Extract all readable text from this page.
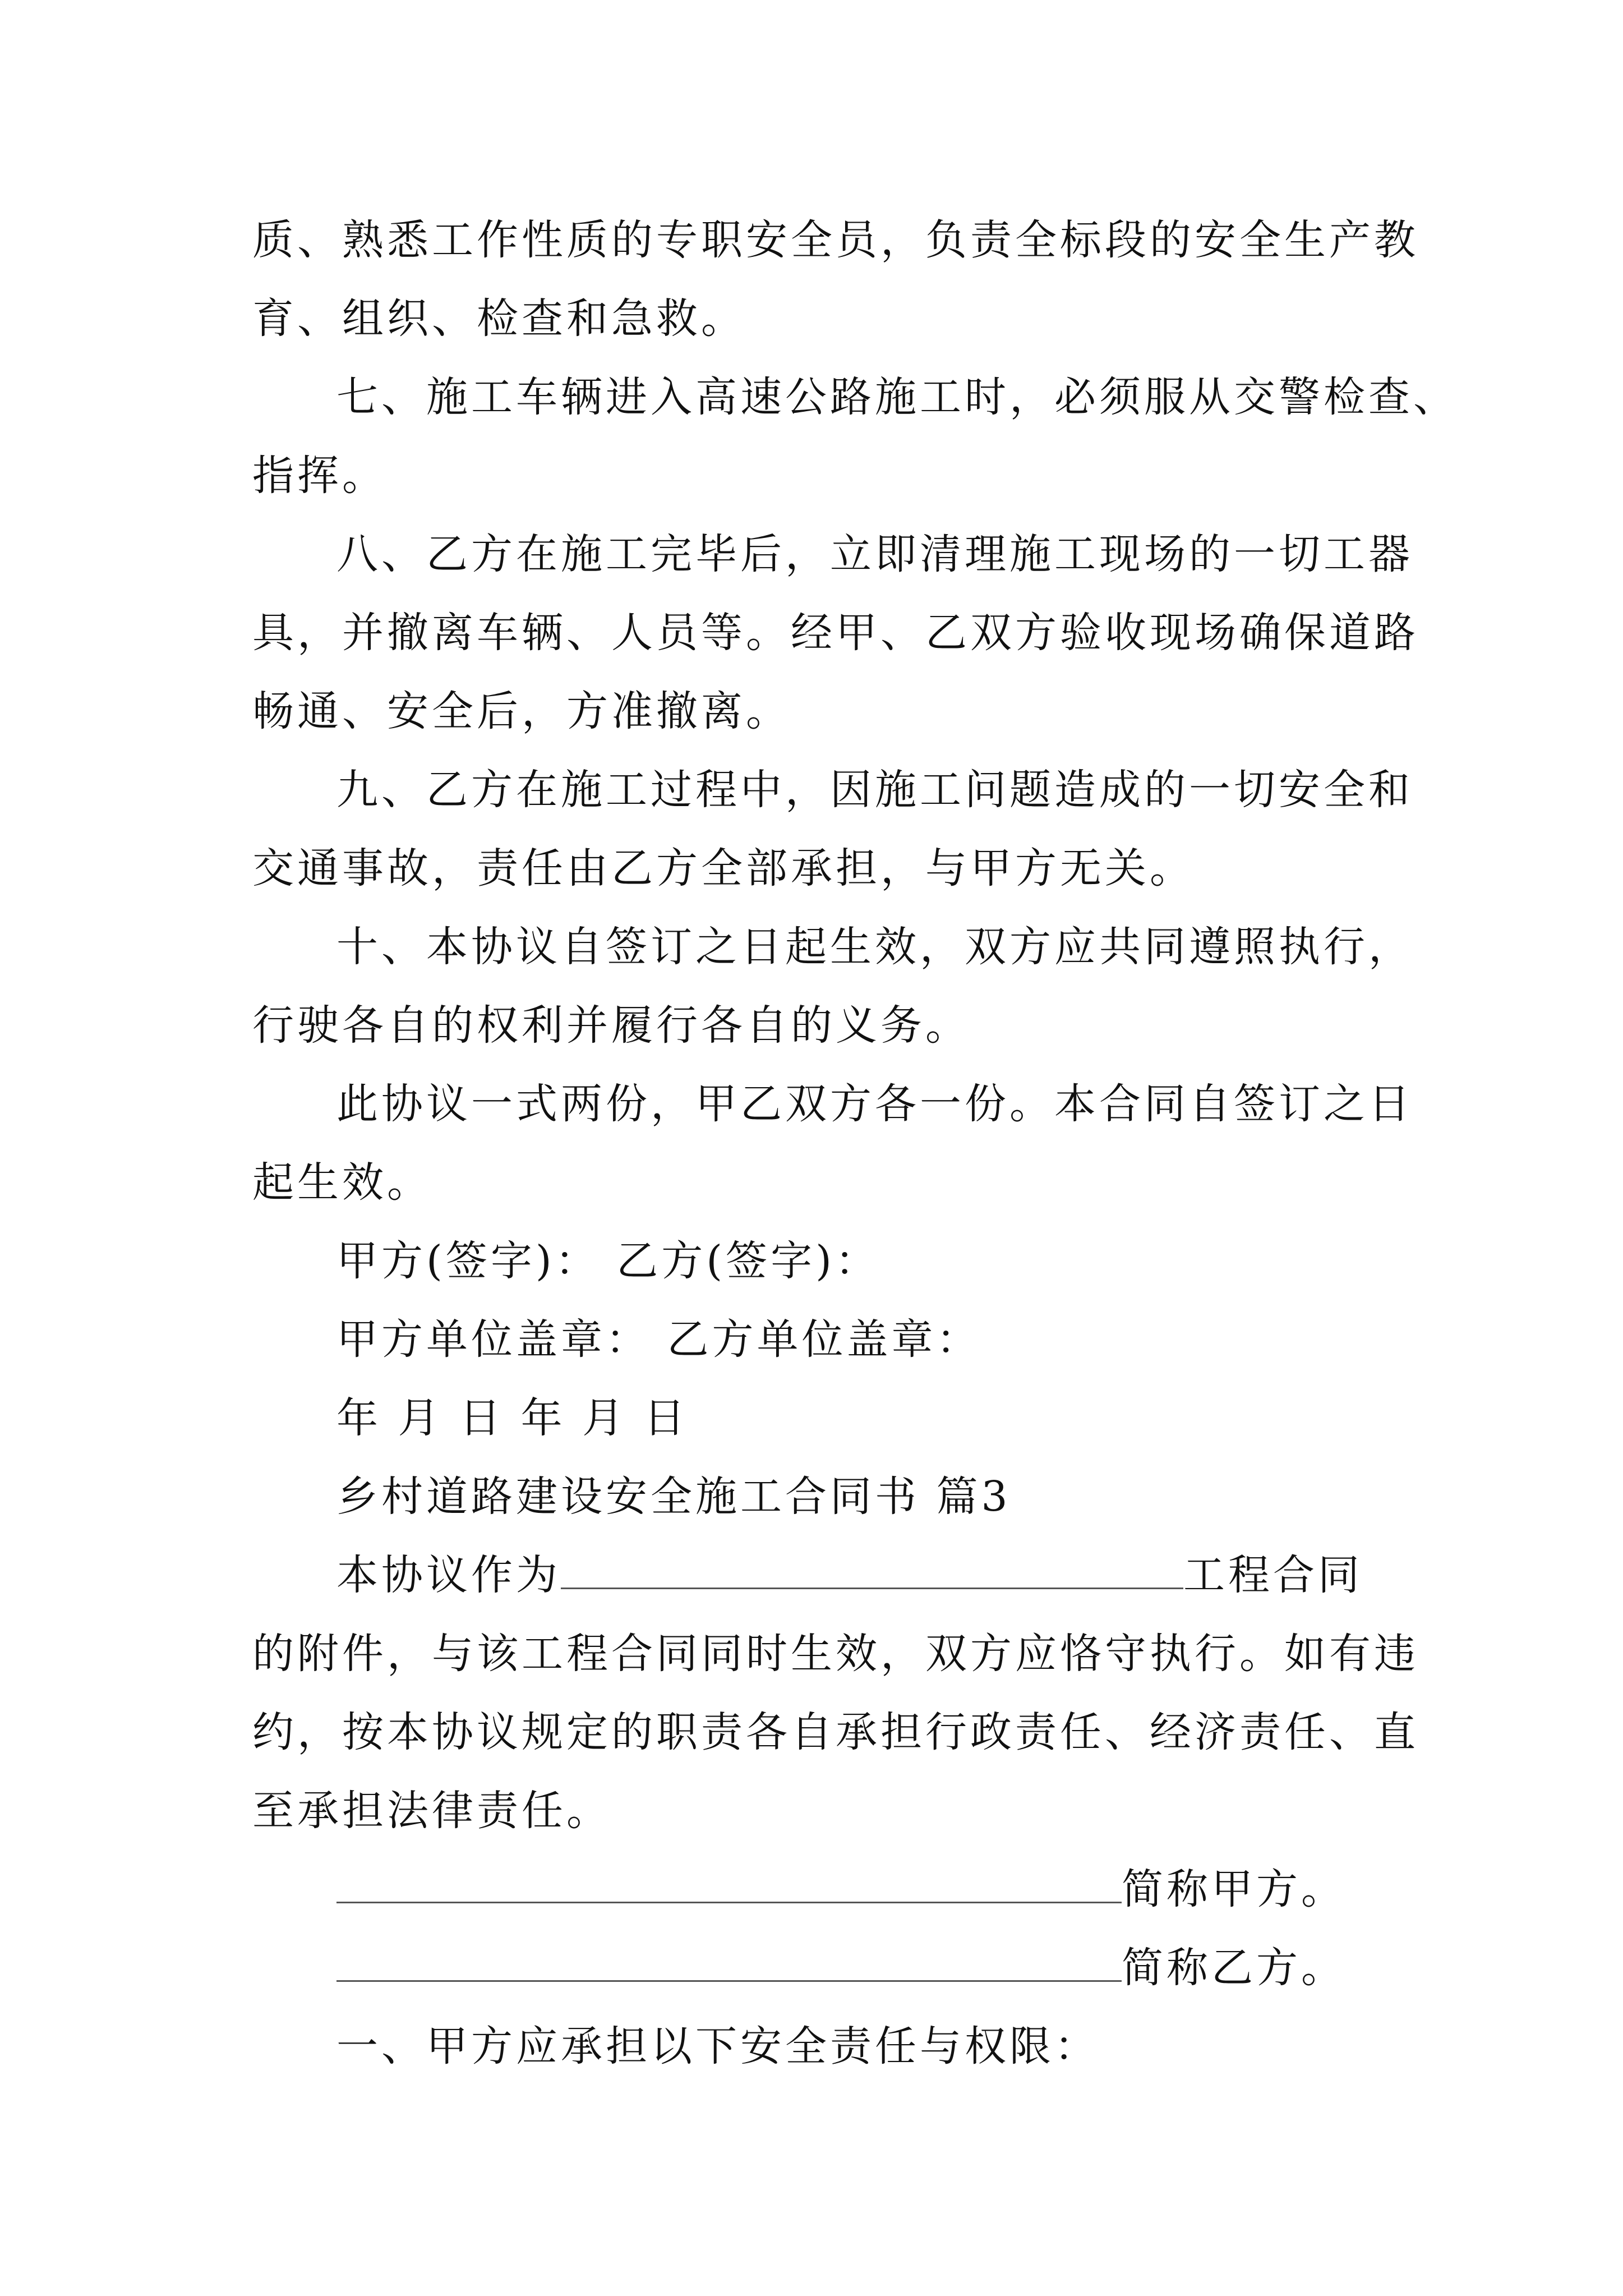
质、熟悉工作性质的专职安全员，负责全标段的安全生产教
育、组织、检查和急救。
七、施工车辆进入高速公路施工时，必须服从交警检查、
指挥。
八、乙方在施工完毕后，立即清理施工现场的一切工器
具，并撤离车辆、人员等。经甲、乙双方验收现场确保道路
畅通、安全后，方准撤离。
九、乙方在施工过程中，因施工问题造成的一切安全和
交通事故，责任由乙方全部承担，与甲方无关。
十、本协议自签订之日起生效，双方应共同遵照执行，
行驶各自的权利并履行各自的义务。
此协议一式两份，甲乙双方各一份。本合同自签订之日
起生效。
甲方(签字)： 乙方(签字)：
甲方单位盖章： 乙方单位盖章：
年 月 日 年 月 日
乡村道路建设安全施工合同书 篇3
本协议作为	工程合同
的附件，与该工程合同同时生效，双方应恪守执行。如有违
约，按本协议规定的职责各自承担行政责任、经济责任、直
至承担法律责任。
简称甲方。
简称乙方。
一、甲方应承担以下安全责任与权限：
